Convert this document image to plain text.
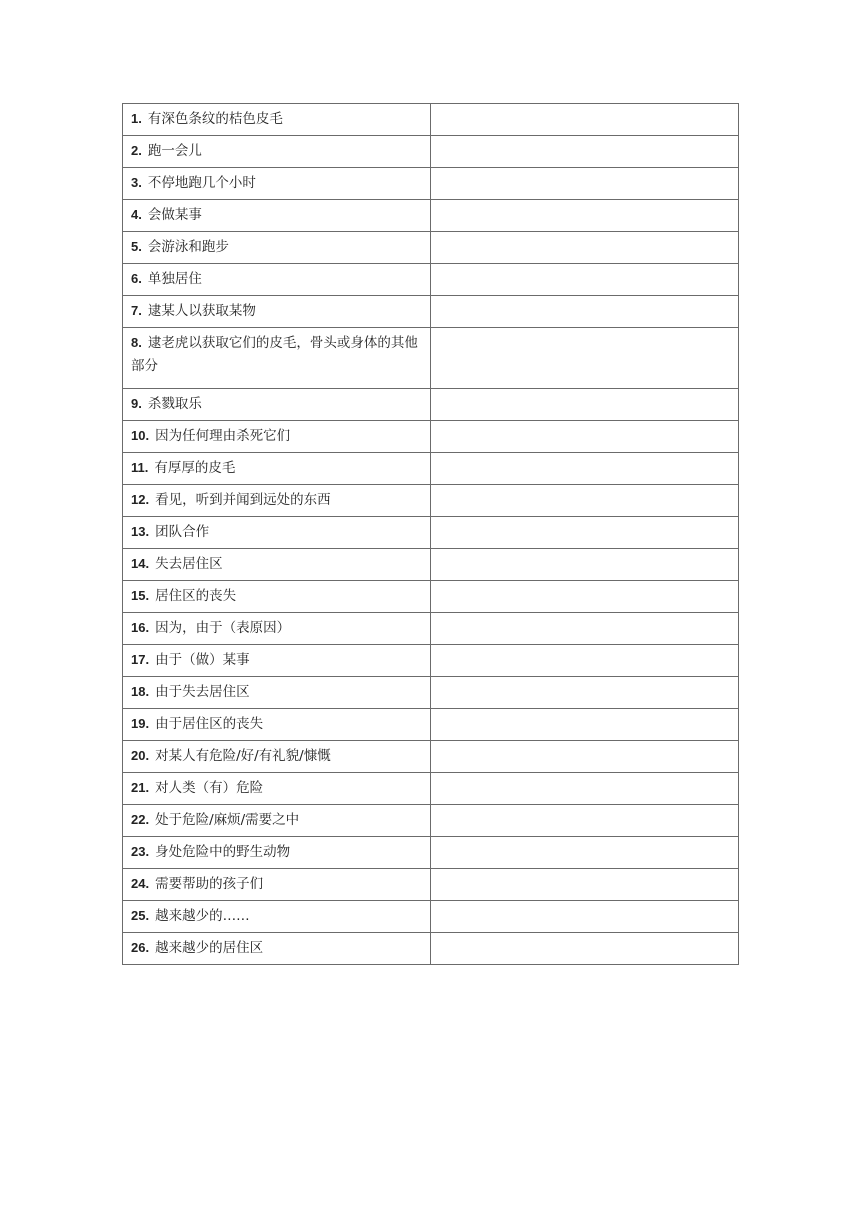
1. 有深色条纹的桔色皮毛	
2. 跑一会儿	
3. 不停地跑几个小时	
4. 会做某事	
5. 会游泳和跑步	
6. 单独居住	
7. 逮某人以获取某物	
8. 逮老虎以获取它们的皮毛，骨头或身体的其他部分	
9. 杀戮取乐	
10. 因为任何理由杀死它们	
11. 有厚厚的皮毛	
12. 看见，听到并闻到远处的东西	
13. 团队合作	
14. 失去居住区	
15. 居住区的丧失	
16. 因为，由于（表原因）	
17. 由于（做）某事	
18. 由于失去居住区	
19. 由于居住区的丧失	
20. 对某人有危险/好/有礼貌/慷慨	
21. 对人类（有）危险	
22. 处于危险/麻烦/需要之中	
23. 身处危险中的野生动物	
24. 需要帮助的孩子们	
25. 越来越少的……	
26. 越来越少的居住区	
